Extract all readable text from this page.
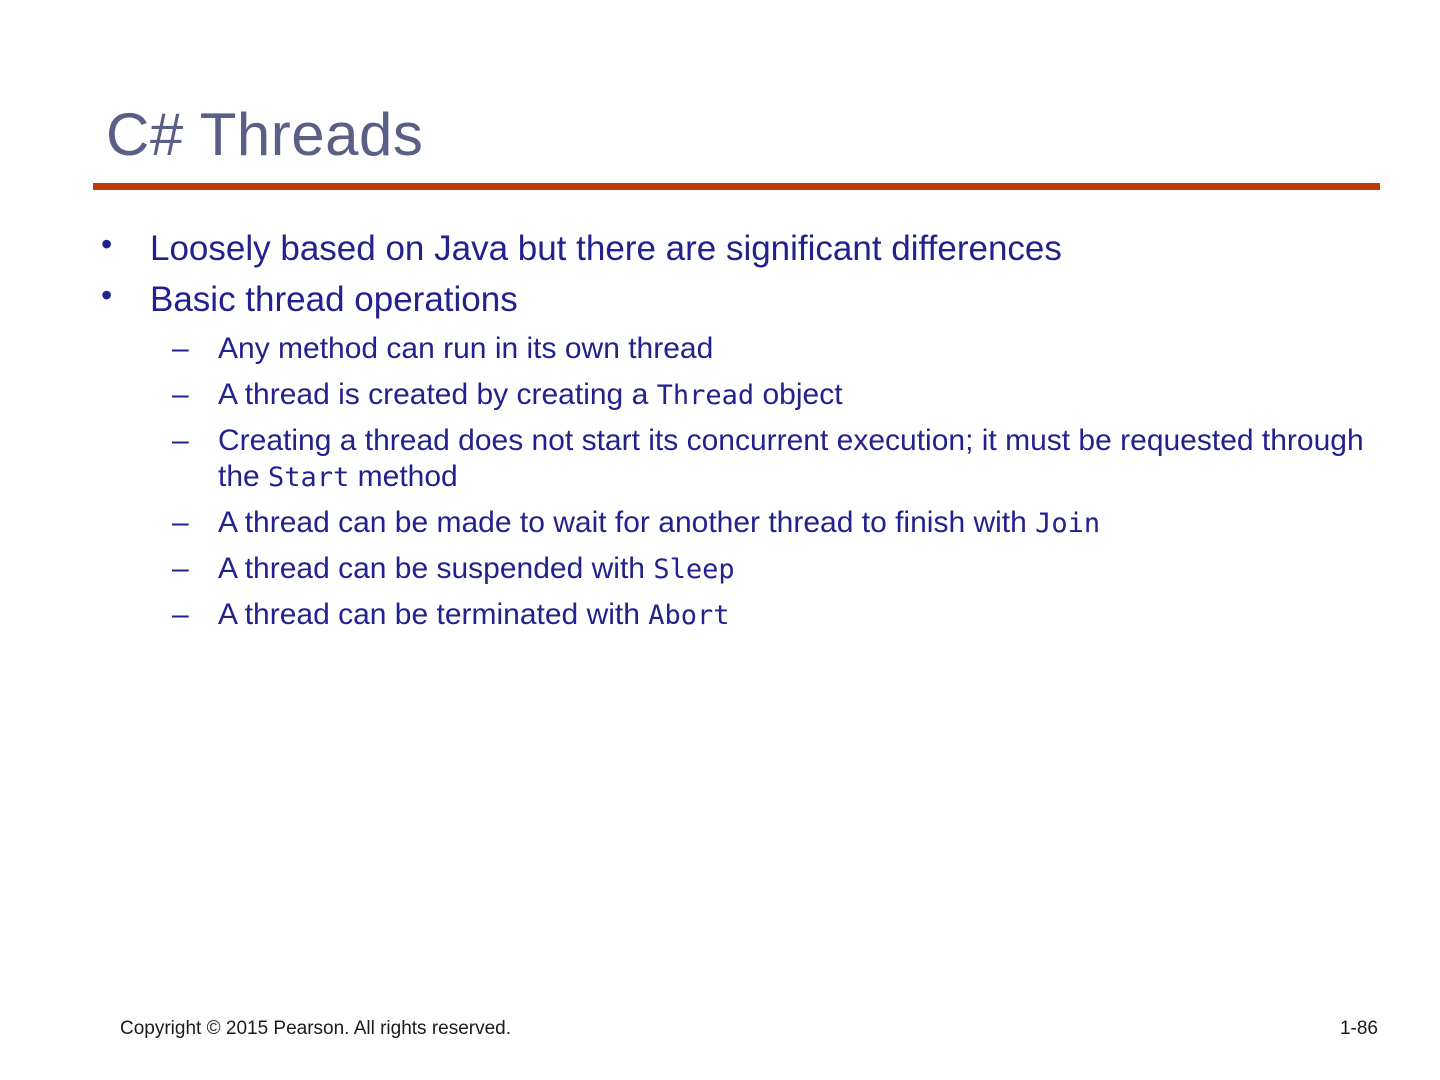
C# Threads
• Loosely based on Java but there are significant differences
• Basic thread operations
– Any method can run in its own thread
– A thread is created by creating a Thread object
– Creating a thread does not start its concurrent execution; it must be requested through the Start method
– A thread can be made to wait for another thread to finish with Join
– A thread can be suspended with Sleep
– A thread can be terminated with Abort
Copyright © 2015 Pearson. All rights reserved.	1-86
